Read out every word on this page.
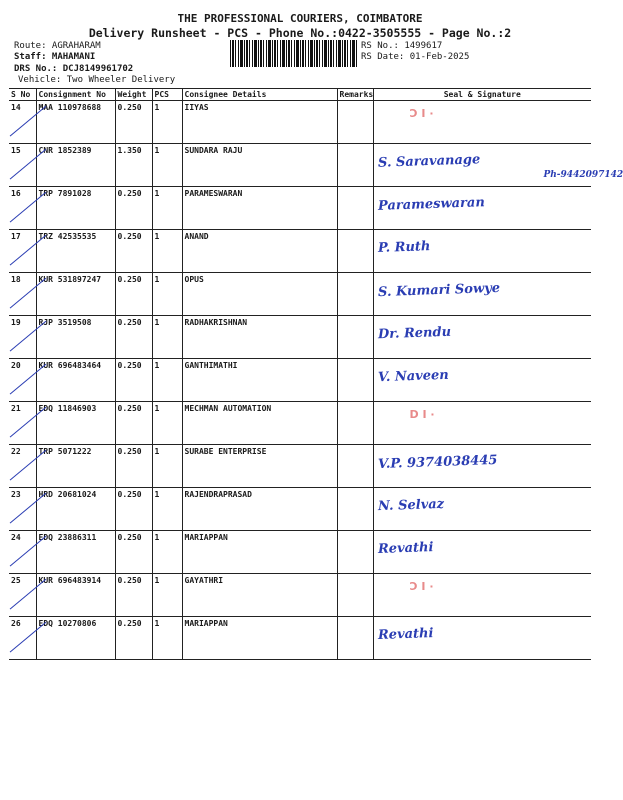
THE PROFESSIONAL COURIERS, COIMBATORE
Delivery Runsheet - PCS - Phone No.:0422-3505555 - Page No.:2
Route: AGRAHARAM
Staff: MAHAMANI
DRS No.: DCJ8149961702
Vehicle: Two Wheeler Delivery
RS No.: 1499617
RS Date: 01-Feb-2025
S No	Consignment No	Weight	PCS	Consignee Details	Remarks	Seal & Signature
14	MAA 110978688	0.250	1	IIYAS		Ɔ I ·

15	CNR 1852389	1.350	1	SUNDARA RAJU		S. Saravanage
Ph-9442097142

16	TRP 7891028	0.250	1	PARAMESWARAN		Parameswaran

17	TRZ 42535535	0.250	1	ANAND		P. Ruth

18	KUR 531897247	0.250	1	OPUS		S. Kumari Sowye

19	RJP 3519508	0.250	1	RADHAKRISHNAN		Dr. Rendu

20	KUR 696483464	0.250	1	GANTHIMATHI		V. Naveen

21	EDQ 11846903	0.250	1	MECHMAN AUTOMATION		D I ·

22	TRP 5071222	0.250	1	SURABE ENTERPRISE		V.P. 9374038445

23	HRD 20681024	0.250	1	RAJENDRAPRASAD		N. Selvaz

24	EDQ 23886311	0.250	1	MARIAPPAN		Revathi

25	KUR 696483914	0.250	1	GAYATHRI		Ɔ I ·

26	EDQ 10270806	0.250	1	MARIAPPAN		Revathi
